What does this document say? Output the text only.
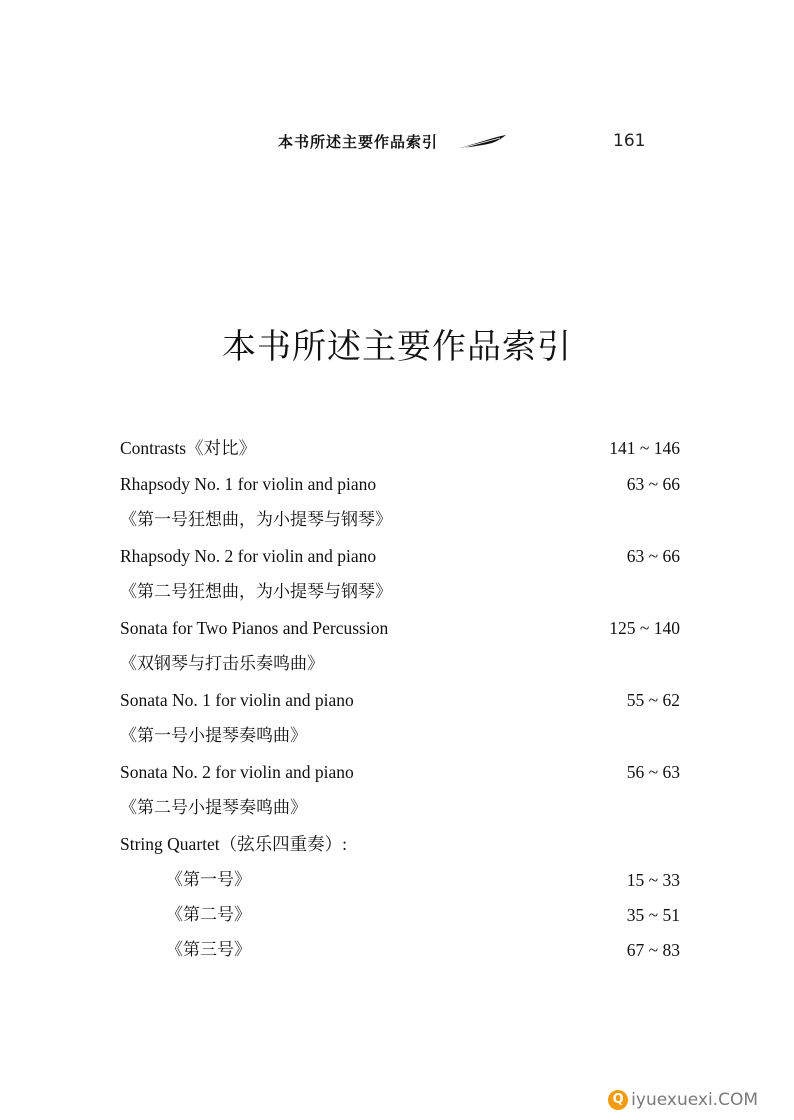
本书所述主要作品索引	161
本书所述主要作品索引
Contrasts《对比》	141 ~ 146
Rhapsody No. 1 for violin and piano	63 ~ 66
《第一号狂想曲，为小提琴与钢琴》
Rhapsody No. 2 for violin and piano	63 ~ 66
《第二号狂想曲，为小提琴与钢琴》
Sonata for Two Pianos and Percussion	125 ~ 140
《双钢琴与打击乐奏鸣曲》
Sonata No. 1 for violin and piano	55 ~ 62
《第一号小提琴奏鸣曲》
Sonata No. 2 for violin and piano	56 ~ 63
《第二号小提琴奏鸣曲》
String Quartet（弦乐四重奏）:
《第一号》	15 ~ 33
《第二号》	35 ~ 51
《第三号》	67 ~ 83
Q iyuexuexi.COM
